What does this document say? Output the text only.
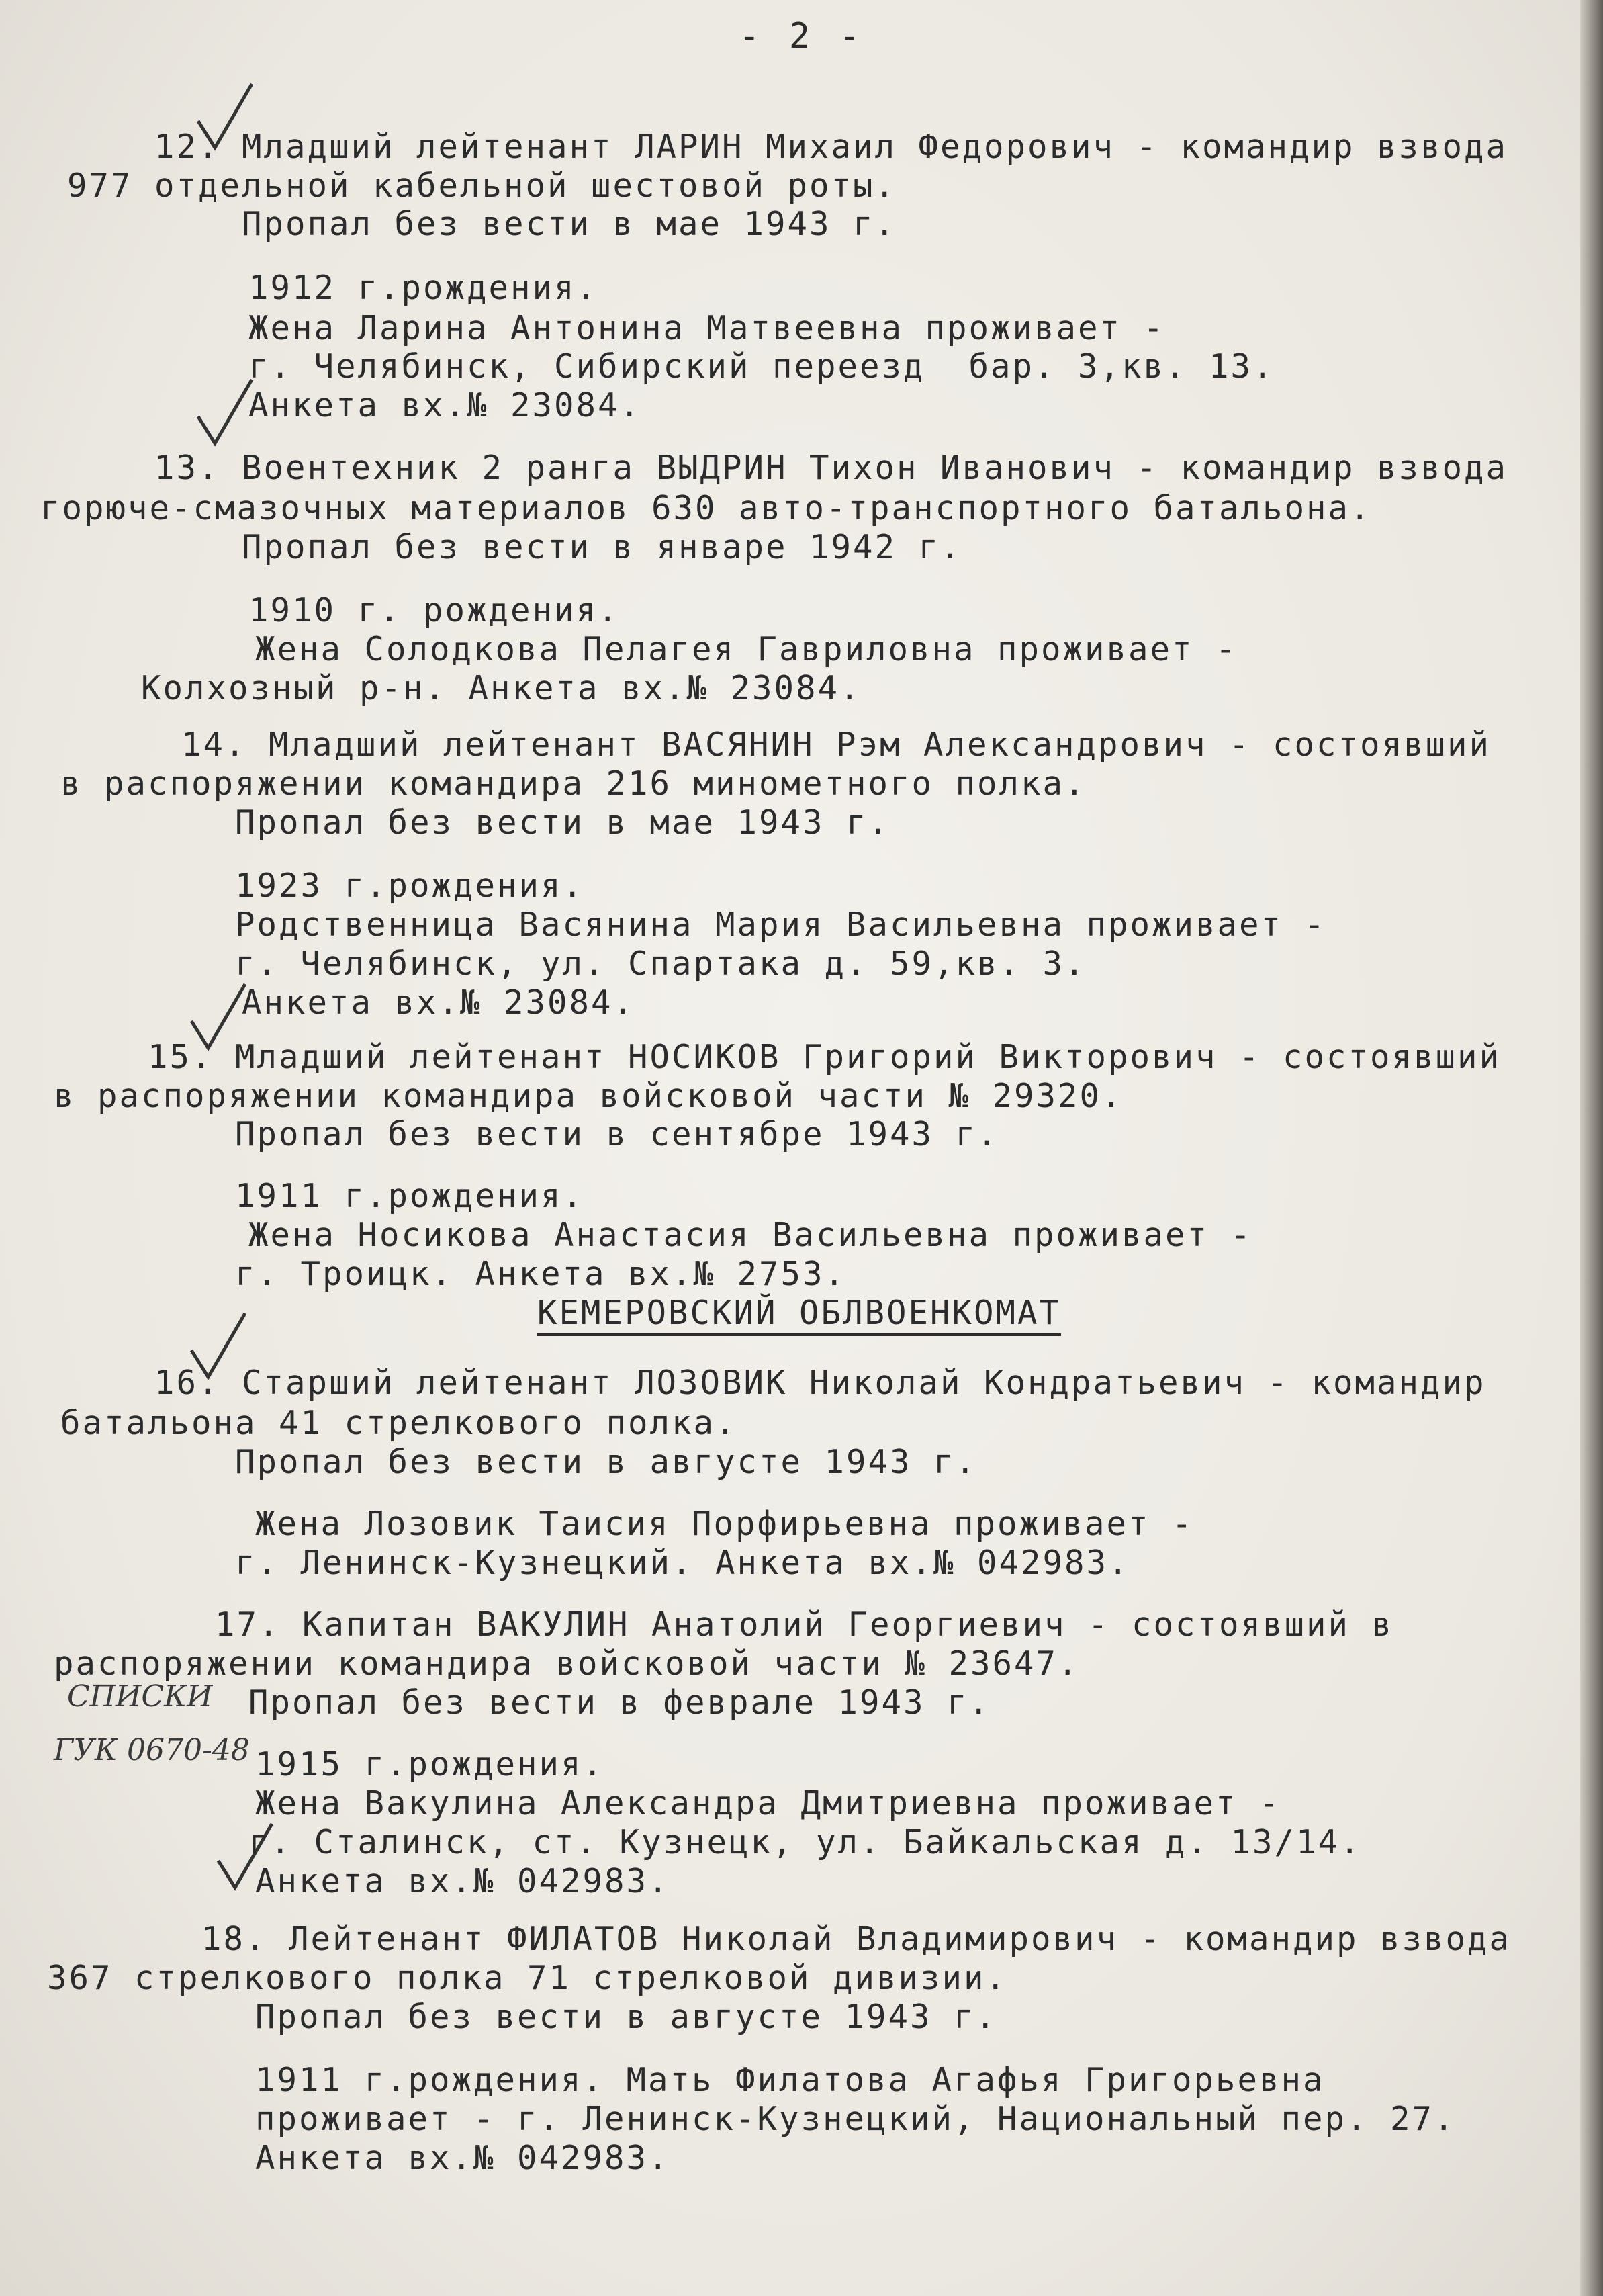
- 2 -
12. Младший лейтенант ЛАРИН Михаил Федорович - командир взвода
977 отдельной кабельной шестовой роты.
Пропал без вести в мае 1943 г.
1912 г.рождения.
Жена Ларина Антонина Матвеевна проживает -
г. Челябинск, Сибирский переезд  бар. 3,кв. 13.
Анкета вх.№ 23084.
13. Воентехник 2 ранга ВЫДРИН Тихон Иванович - командир взвода
горюче-смазочных материалов 630 авто-транспортного батальона.
Пропал без вести в январе 1942 г.
1910 г. рождения.
Жена Солодкова Пелагея Гавриловна проживает -
Колхозный р-н. Анкета вх.№ 23084.
14. Младший лейтенант ВАСЯНИН Рэм Александрович - состоявший
в распоряжении командира 216 минометного полка.
Пропал без вести в мае 1943 г.
1923 г.рождения.
Родственница Васянина Мария Васильевна проживает -
г. Челябинск, ул. Спартака д. 59,кв. 3.
Анкета вх.№ 23084.
15. Младший лейтенант НОСИКОВ Григорий Викторович - состоявший
в распоряжении командира войсковой части № 29320.
Пропал без вести в сентябре 1943 г.
1911 г.рождения.
Жена Носикова Анастасия Васильевна проживает -
г. Троицк. Анкета вх.№ 2753.
КЕМЕРОВСКИЙ ОБЛВОЕНКОМАТ
16. Старший лейтенант ЛОЗОВИК Николай Кондратьевич - командир
батальона 41 стрелкового полка.
Пропал без вести в августе 1943 г.
Жена Лозовик Таисия Порфирьевна проживает -
г. Ленинск-Кузнецкий. Анкета вх.№ 042983.
17. Капитан ВАКУЛИН Анатолий Георгиевич - состоявший в
распоряжении командира войсковой части № 23647.
Пропал без вести в феврале 1943 г.
1915 г.рождения.
Жена Вакулина Александра Дмитриевна проживает -
г. Сталинск, ст. Кузнецк, ул. Байкальская д. 13/14.
Анкета вх.№ 042983.
СПИСКИ
ГУК 0670-48
18. Лейтенант ФИЛАТОВ Николай Владимирович - командир взвода
367 стрелкового полка 71 стрелковой дивизии.
Пропал без вести в августе 1943 г.
1911 г.рождения. Мать Филатова Агафья Григорьевна
проживает - г. Ленинск-Кузнецкий, Национальный пер. 27.
Анкета вх.№ 042983.
